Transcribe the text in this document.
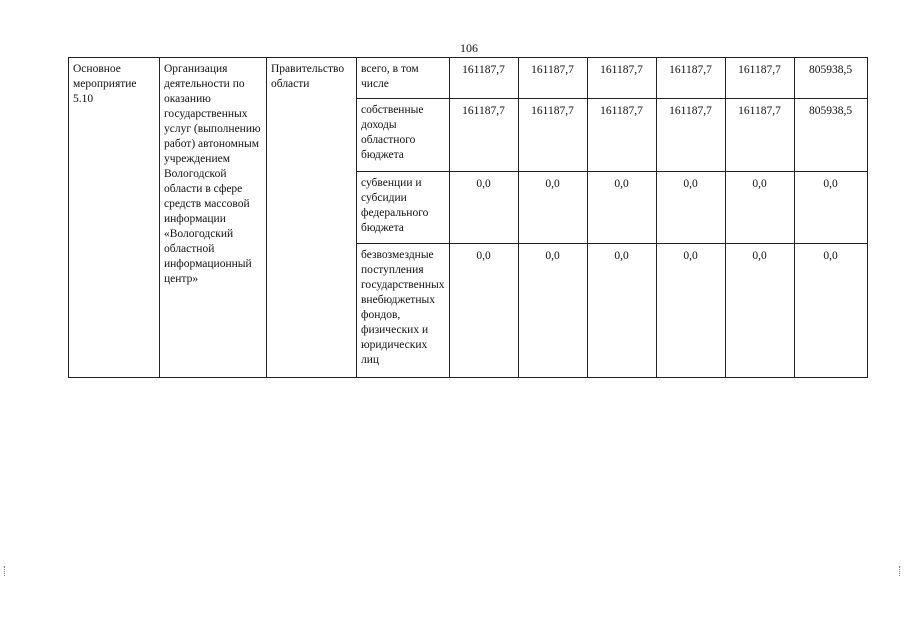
106
Основное мероприятие 5.10	Организация деятельности по оказанию государственных услуг (выполнению работ) автономным учреждением Вологодской области в сфере средств массовой информации «Вологодский областной информационный центр»	Правительство области	всего, в том числе	161187,7	161187,7	161187,7	161187,7	161187,7	805938,5
			собственные доходы областного бюджета	161187,7	161187,7	161187,7	161187,7	161187,7	805938,5
			субвенции и субсидии федерального бюджета	0,0	0,0	0,0	0,0	0,0	0,0
			безвозмездные поступления государственных внебюджетных фондов, физических и юридических лиц	0,0	0,0	0,0	0,0	0,0	0,0
